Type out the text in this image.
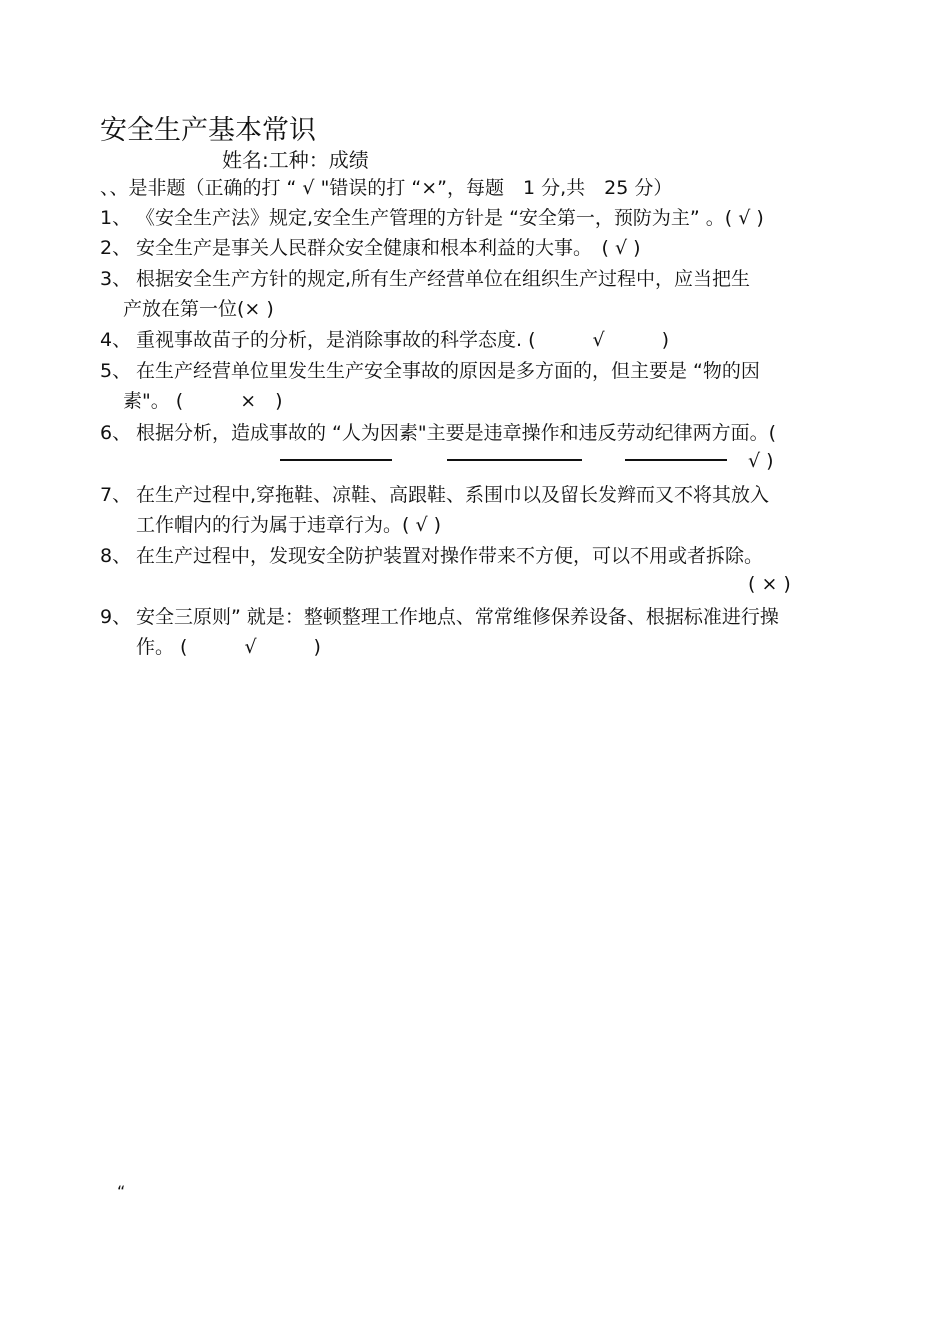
安全生产基本常识
姓名:工种：成绩
、、是非题（正确的打 “ √ "错误的打 “×”，每题　1 分,共　25 分）
1、 《安全生产法》规定,安全生产管理的方针是 “安全第一，预防为主” 。( √ )
2、 安全生产是事关人民群众安全健康和根本利益的大事。　( √ )
3、 根据安全生产方针的规定,所有生产经营单位在组织生产过程中，应当把生
产放在第一位(× )
4、 重视事故苗子的分析，是消除事故的科学态度. (　　　√　　　)
5、 在生产经营单位里发生生产安全事故的原因是多方面的，但主要是 “物的因
素"。 (　　　×　)
6、 根据分析，造成事故的 “人为因素"主要是违章操作和违反劳动纪律两方面。(
√ )
7、 在生产过程中,穿拖鞋、凉鞋、高跟鞋、系围巾以及留长发辫而又不将其放入
工作帽内的行为属于违章行为。( √ )
8、 在生产过程中，发现安全防护装置对操作带来不方便，可以不用或者拆除。
( × )
9、 安全三原则” 就是：整顿整理工作地点、常常维修保养设备、根据标准进行操
作。 (　　　√　　　)
“
